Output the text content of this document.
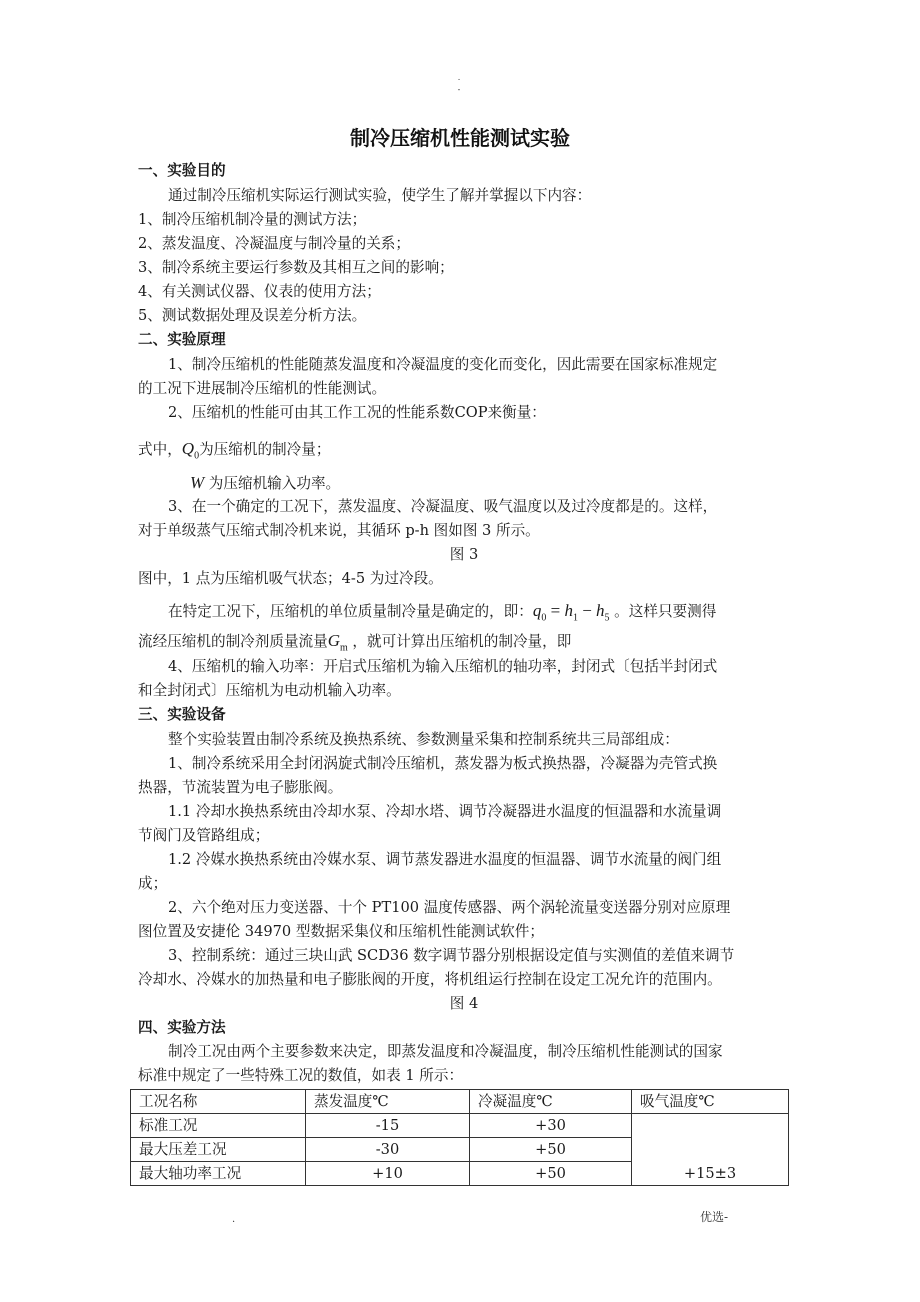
.
-
制冷压缩机性能测试实验
一、实验目的
通过制冷压缩机实际运行测试实验，使学生了解并掌握以下内容：
1、制冷压缩机制冷量的测试方法；
2、蒸发温度、冷凝温度与制冷量的关系；
3、制冷系统主要运行参数及其相互之间的影响；
4、有关测试仪器、仪表的使用方法；
5、测试数据处理及误差分析方法。
二、实验原理
1、制冷压缩机的性能随蒸发温度和冷凝温度的变化而变化，因此需要在国家标准规定
的工况下进展制冷压缩机的性能测试。
2、压缩机的性能可由其工作工况的性能系数COP来衡量：
式中，$Q_0$为压缩机的制冷量；
W 为压缩机输入功率。
3、在一个确定的工况下，蒸发温度、冷凝温度、吸气温度以及过冷度都是的。这样，
对于单级蒸气压缩式制冷机来说，其循环 p-h 图如图 3 所示。
图 3
图中，1 点为压缩机吸气状态；4-5 为过冷段。
在特定工况下，压缩机的单位质量制冷量是确定的，即：$q_0 = h_1 - h_5$ 。这样只要测得
流经压缩机的制冷剂质量流量$G_m$ ，就可计算出压缩机的制冷量，即
4、压缩机的输入功率：开启式压缩机为输入压缩机的轴功率，封闭式〔包括半封闭式
和全封闭式〕压缩机为电动机输入功率。
三、实验设备
整个实验装置由制冷系统及换热系统、参数测量采集和控制系统共三局部组成：
1、制冷系统采用全封闭涡旋式制冷压缩机，蒸发器为板式换热器，冷凝器为壳管式换
热器，节流装置为电子膨胀阀。
1.1 冷却水换热系统由冷却水泵、冷却水塔、调节冷凝器进水温度的恒温器和水流量调
节阀门及管路组成；
1.2 冷媒水换热系统由冷媒水泵、调节蒸发器进水温度的恒温器、调节水流量的阀门组
成；
2、六个绝对压力变送器、十个 PT100 温度传感器、两个涡轮流量变送器分别对应原理
图位置及安捷伦 34970 型数据采集仪和压缩机性能测试软件；
3、控制系统：通过三块山武 SCD36 数字调节器分别根据设定值与实测值的差值来调节
冷却水、冷媒水的加热量和电子膨胀阀的开度，将机组运行控制在设定工况允许的范围内。
图 4
四、实验方法
制冷工况由两个主要参数来决定，即蒸发温度和冷凝温度，制冷压缩机性能测试的国家
标准中规定了一些特殊工况的数值，如表 1 所示：
工况名称	蒸发温度℃	冷凝温度℃	吸气温度℃
标准工况	-15	+30	+15±3
最大压差工况	-30	+50	
最大轴功率工况	+10	+50	
.	优选-
